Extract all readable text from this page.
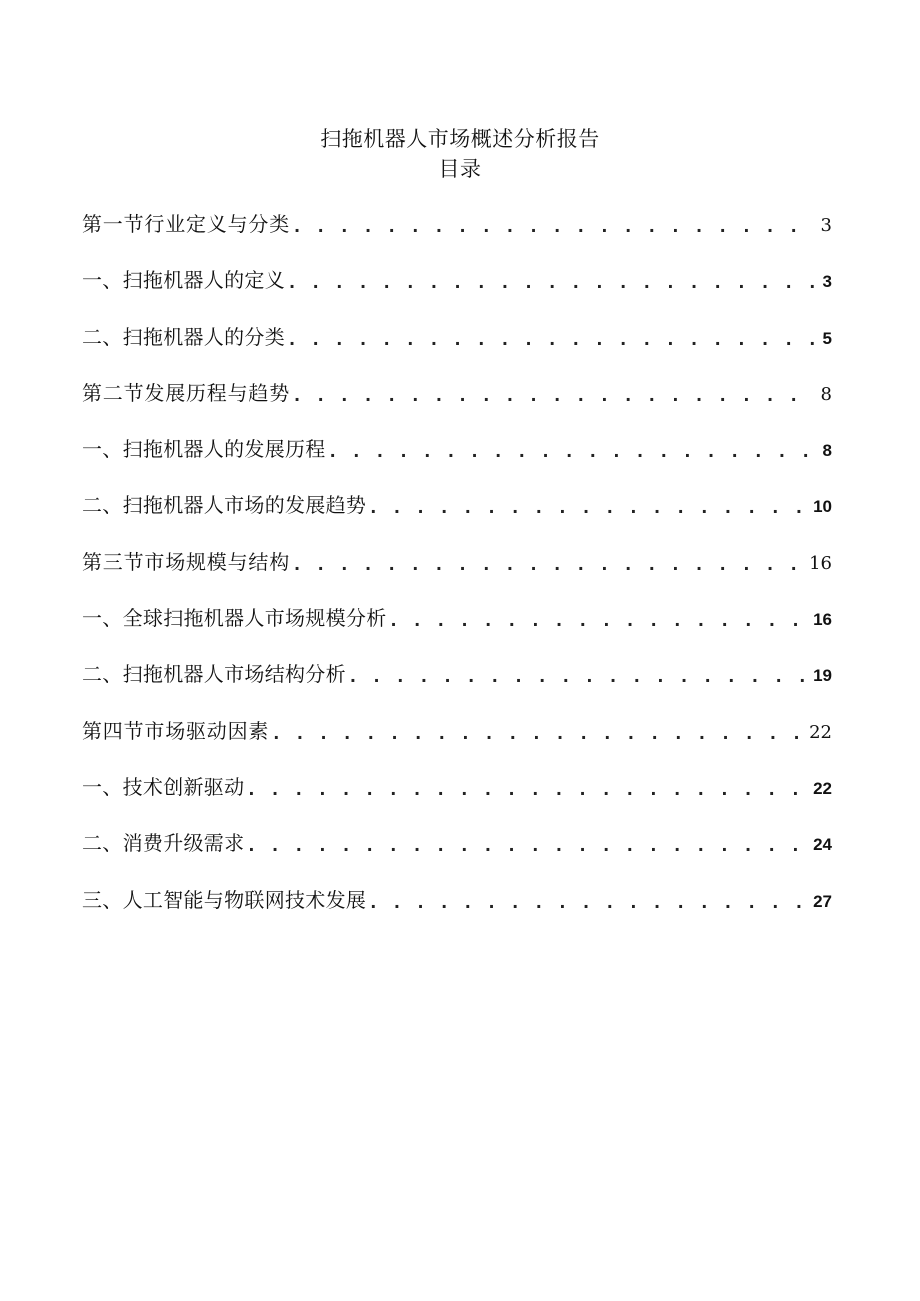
扫拖机器人市场概述分析报告
目录
第一节行业定义与分类 . . .	3
一、扫拖机器人的定义 . . .	3
二、扫拖机器人的分类 . . .	5
第二节发展历程与趋势 . . .	8
一、扫拖机器人的发展历程 . . .	8
二、扫拖机器人市场的发展趋势 . . .	10
第三节市场规模与结构 . . .	16
一、全球扫拖机器人市场规模分析 . . .	16
二、扫拖机器人市场结构分析 . . .	19
第四节市场驱动因素 . . .	22
一、技术创新驱动 . . .	22
二、消费升级需求 . . .	24
三、人工智能与物联网技术发展 . . .	27
